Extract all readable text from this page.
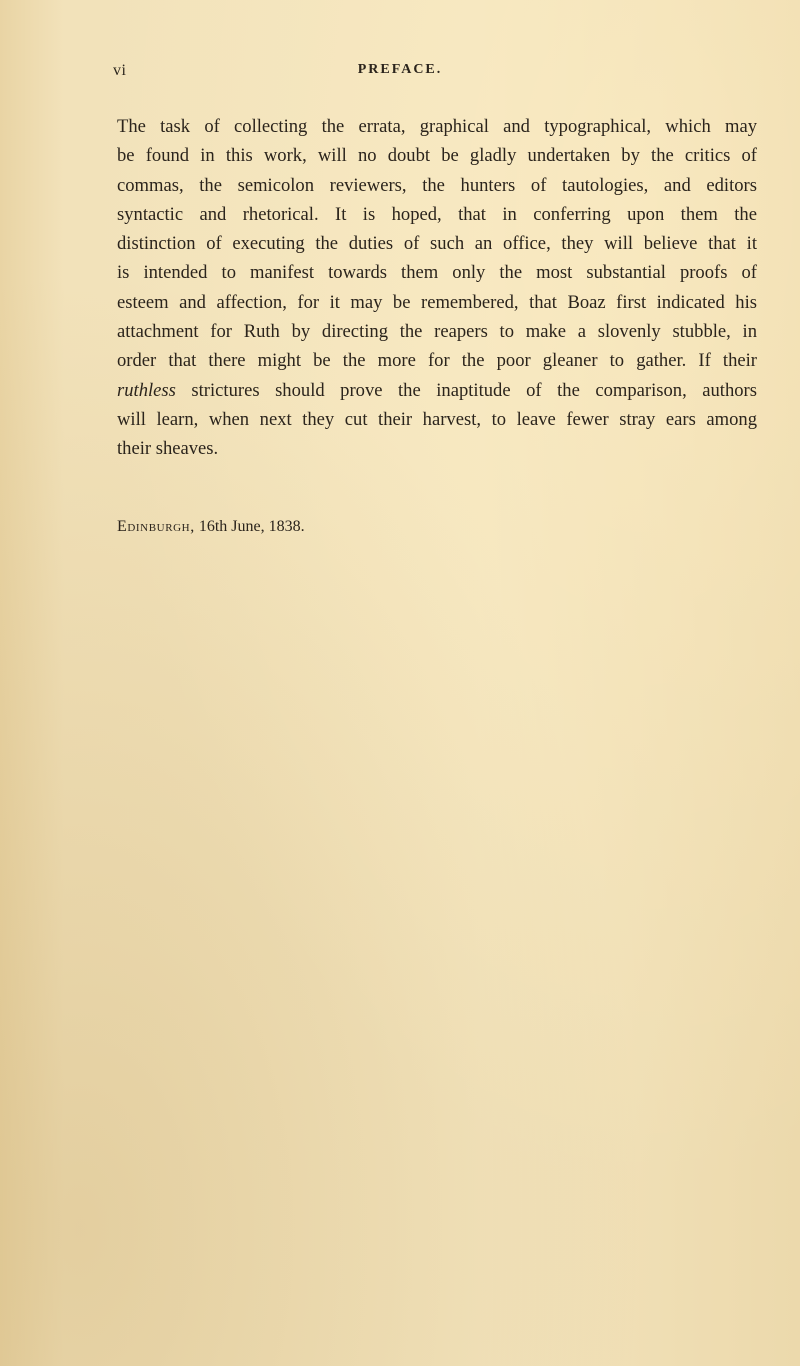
vi	PREFACE.
The task of collecting the errata, graphical and typographical, which may
be found in this work, will no doubt be gladly undertaken by the critics of
commas, the semicolon reviewers, the hunters of tautologies, and editors
syntactic and rhetorical. It is hoped, that in conferring upon them the
distinction of executing the duties of such an office, they will believe that it
is intended to manifest towards them only the most substantial proofs of
esteem and affection, for it may be remembered, that Boaz first indicated his
attachment for Ruth by directing the reapers to make a slovenly stubble, in
order that there might be the more for the poor gleaner to gather. If their
ruthless strictures should prove the inaptitude of the comparison, authors
will learn, when next they cut their harvest, to leave fewer stray ears among
their sheaves.
Edinburgh, 16th June, 1838.
